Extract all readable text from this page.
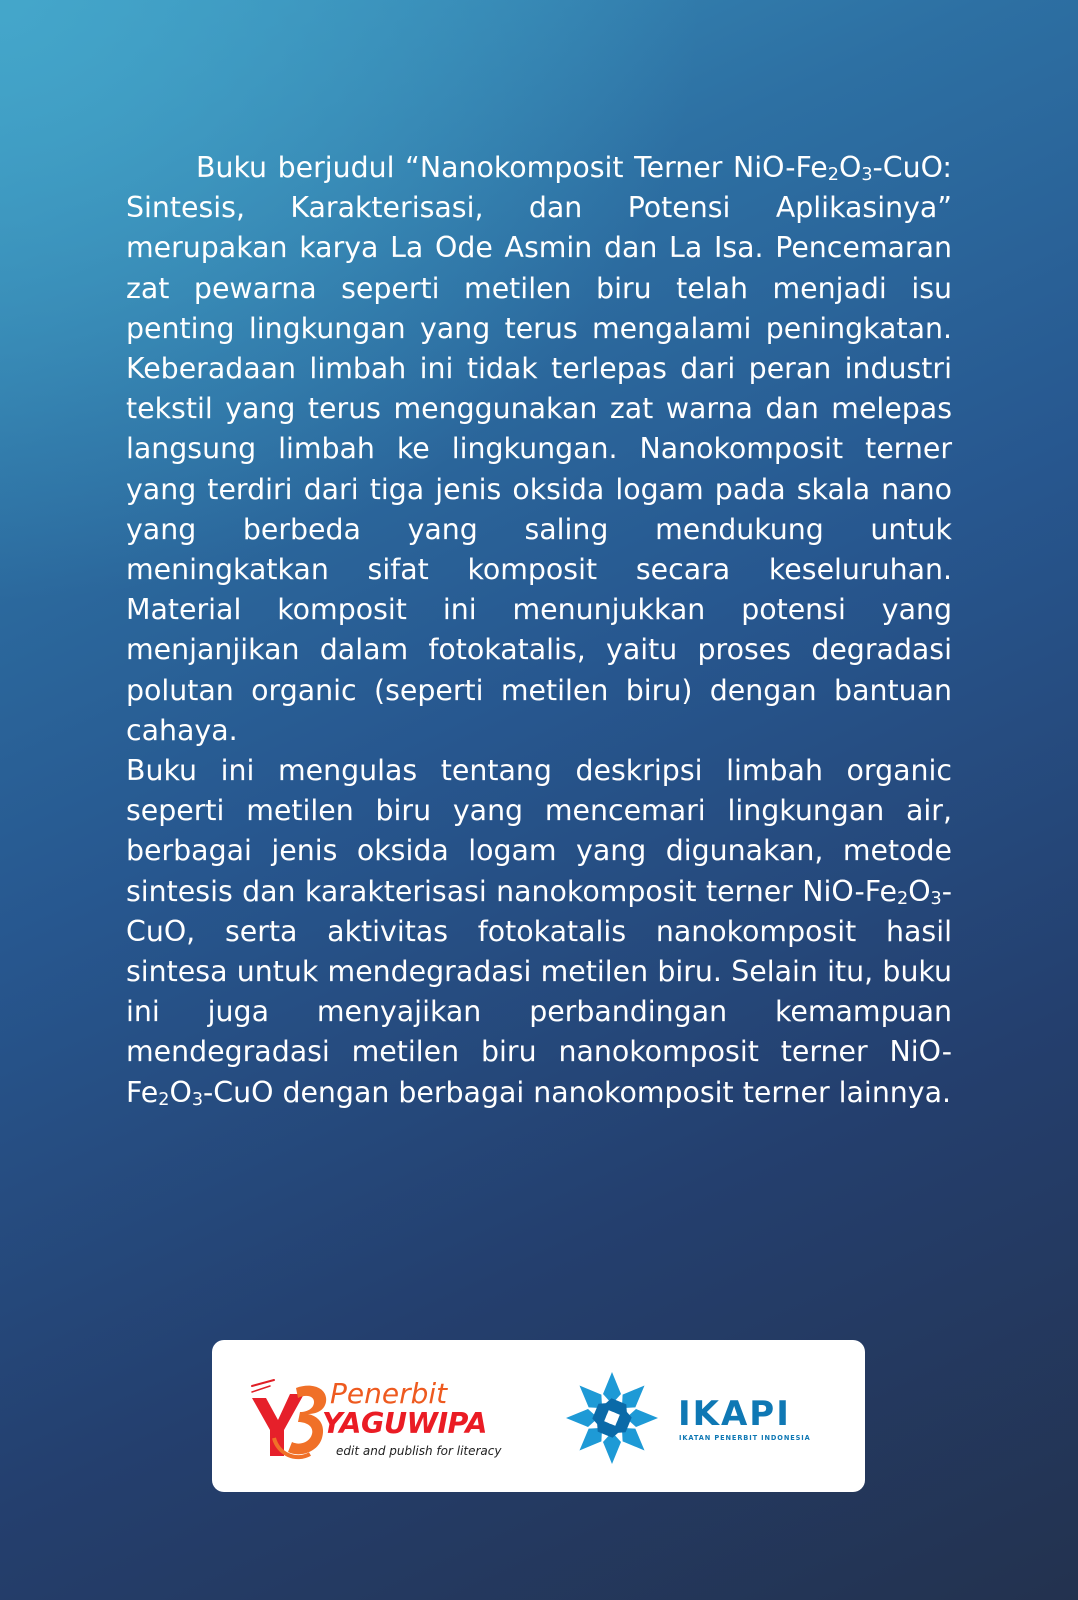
Buku berjudul “Nanokomposit Terner NiO-$Fe_2O_3$-CuO: Sintesis, Karakterisasi, dan Potensi Aplikasinya” merupakan karya La Ode Asmin dan La Isa. Pencemaran zat pewarna seperti metilen biru telah menjadi isu penting lingkungan yang terus mengalami peningkatan. Keberadaan limbah ini tidak terlepas dari peran industri tekstil yang terus menggunakan zat warna dan melepas langsung limbah ke lingkungan. Nanokomposit terner yang terdiri dari tiga jenis oksida logam pada skala nano yang berbeda yang saling mendukung untuk meningkatkan sifat komposit secara keseluruhan. Material komposit ini menunjukkan potensi yang menjanjikan dalam fotokatalis, yaitu proses degradasi polutan organic (seperti metilen biru) dengan bantuan cahaya.

Buku ini mengulas tentang deskripsi limbah organic seperti metilen biru yang mencemari lingkungan air, berbagai jenis oksida logam yang digunakan, metode sintesis dan karakterisasi nanokomposit terner NiO-$Fe_2O_3$-CuO, serta aktivitas fotokatalis nanokomposit hasil sintesa untuk mendegradasi metilen biru. Selain itu, buku ini juga menyajikan perbandingan kemampuan mendegradasi metilen biru nanokomposit terner NiO-$Fe_2O_3$-CuO dengan berbagai nanokomposit terner lainnya.

Penerbit
YAGUWIPA
edit and publish for literacy
IKAPI
IKATAN PENERBIT INDONESIA
